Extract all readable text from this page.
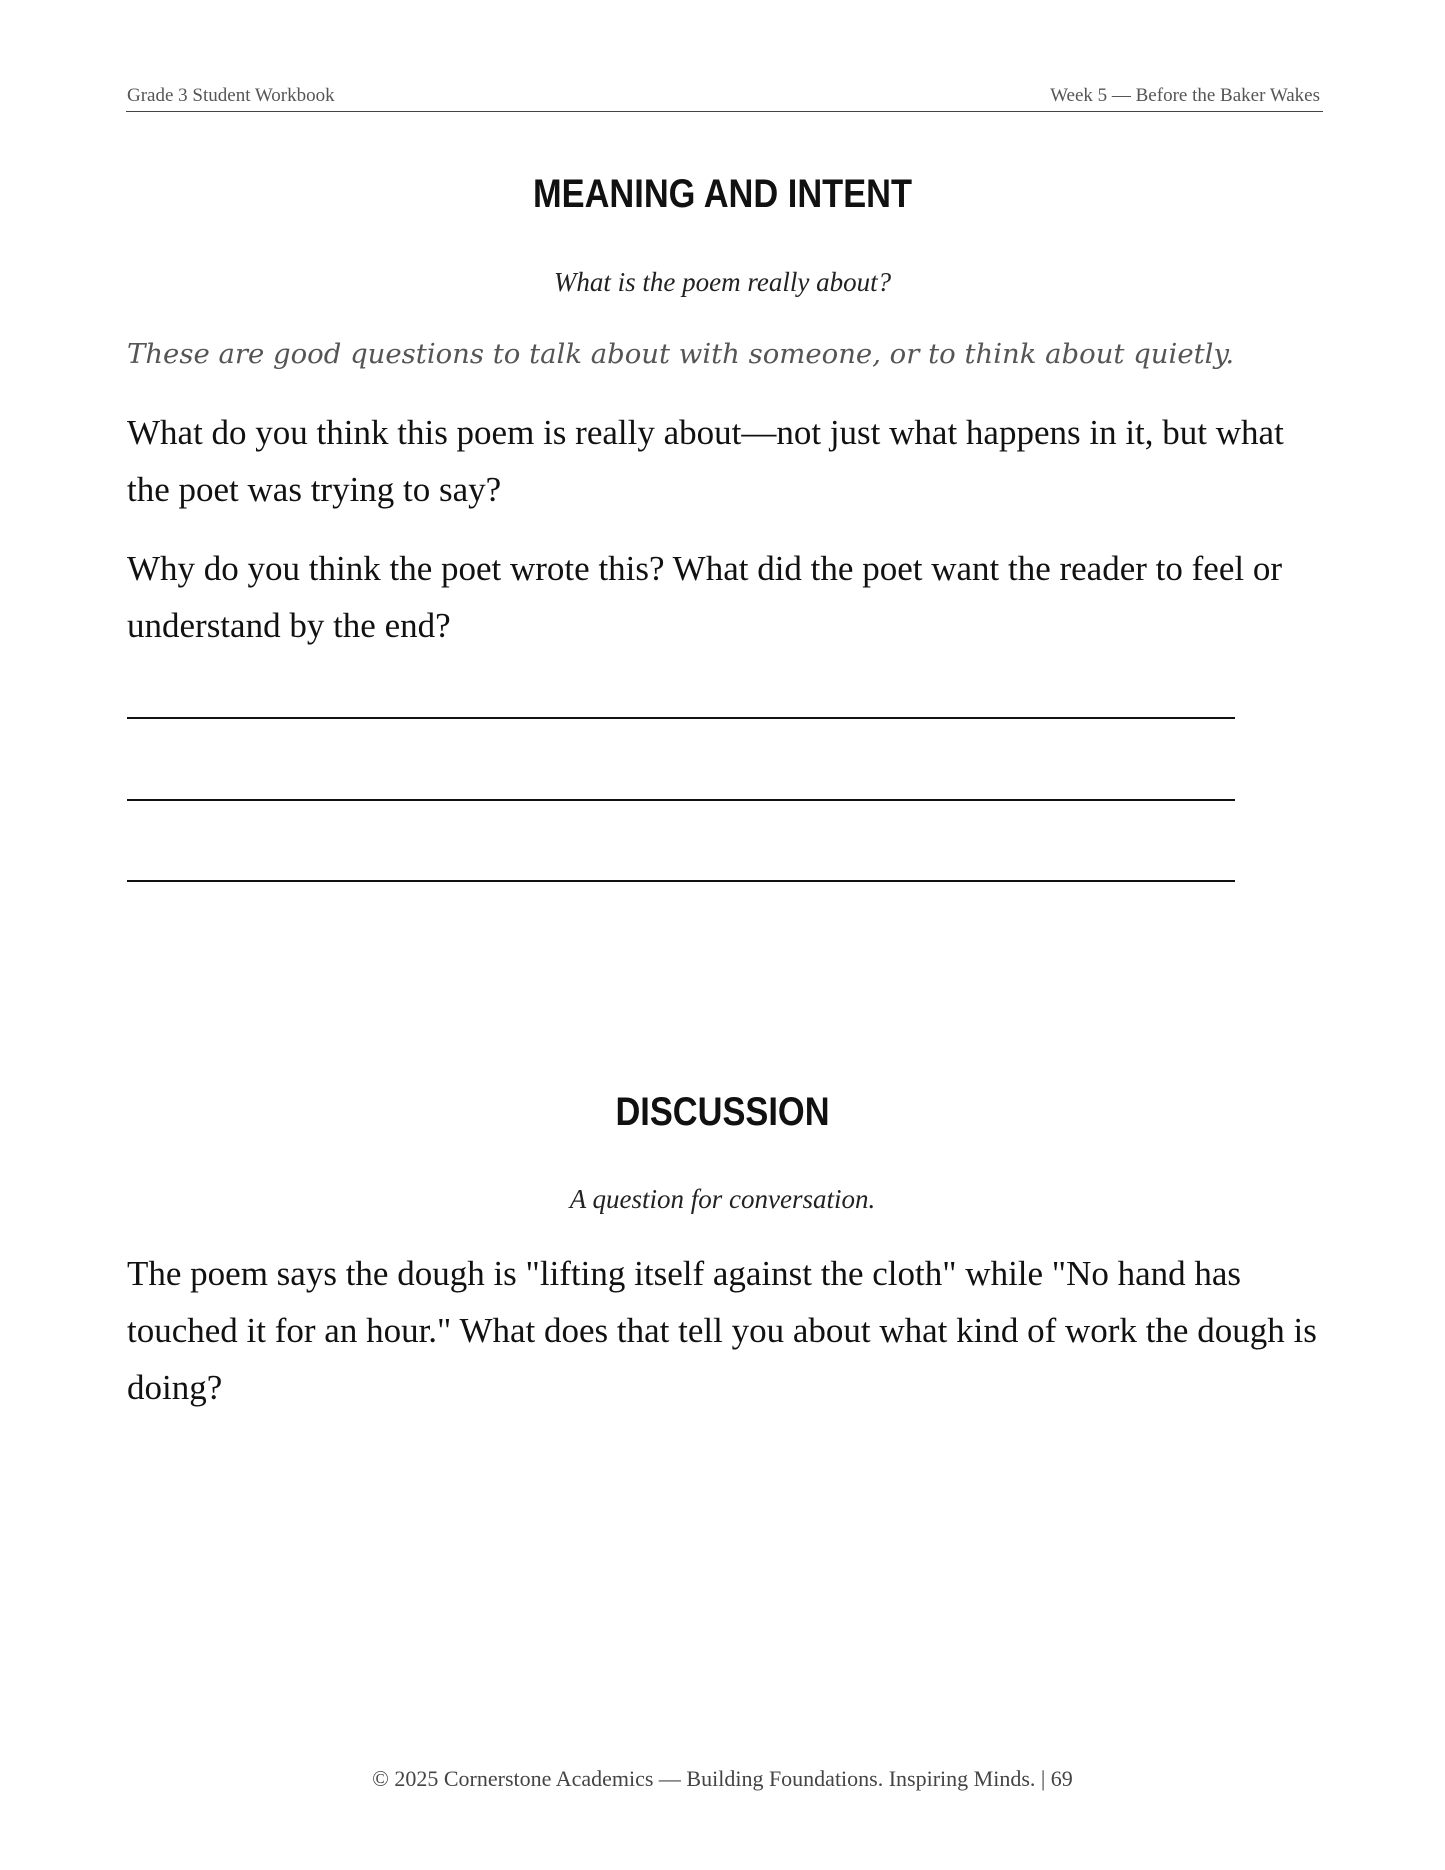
Grade 3 Student Workbook	Week 5 — Before the Baker Wakes
MEANING AND INTENT
What is the poem really about?
These are good questions to talk about with someone, or to think about quietly.
What do you think this poem is really about—not just what happens in it, but what the poet was trying to say?
Why do you think the poet wrote this? What did the poet want the reader to feel or understand by the end?
DISCUSSION
A question for conversation.
The poem says the dough is "lifting itself against the cloth" while "No hand has touched it for an hour." What does that tell you about what kind of work the dough is doing?
© 2025 Cornerstone Academics — Building Foundations. Inspiring Minds. | 69
